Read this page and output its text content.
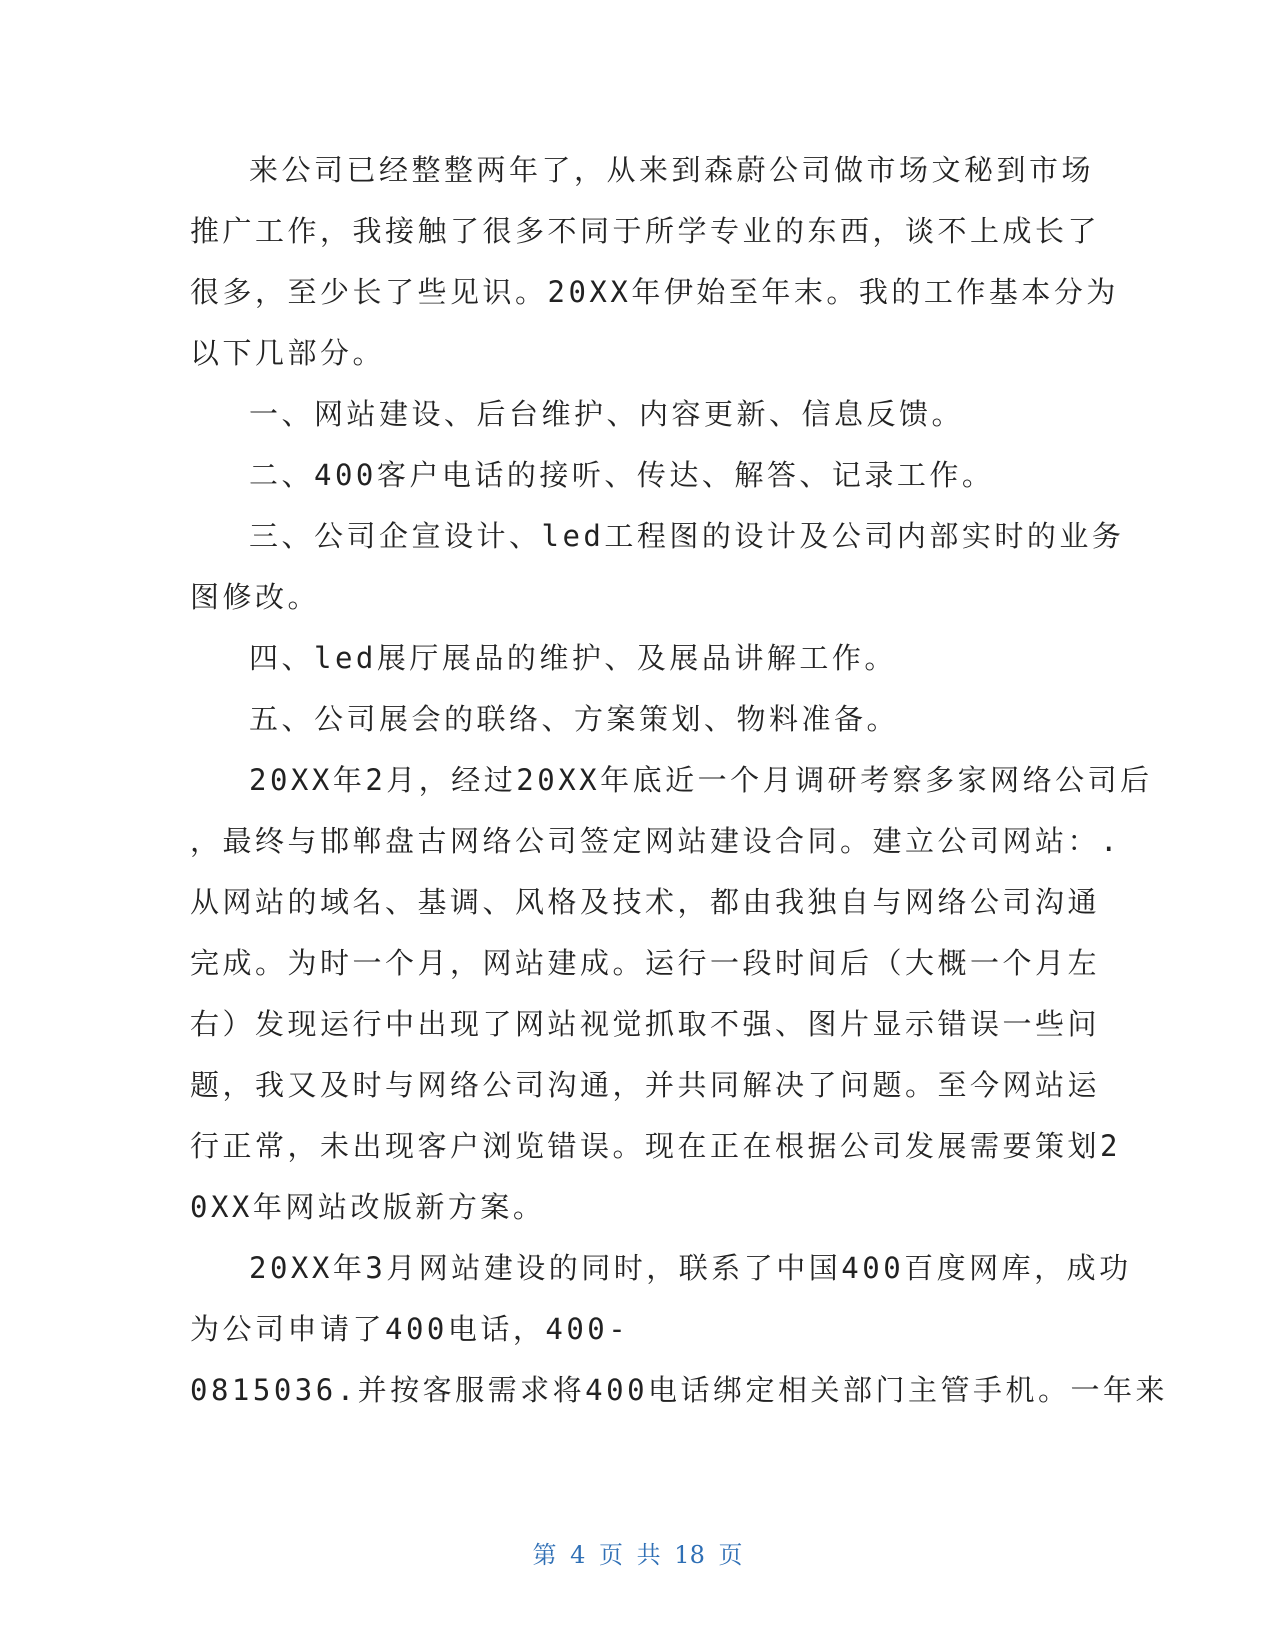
来公司已经整整两年了，从来到森蔚公司做市场文秘到市场
推广工作，我接触了很多不同于所学专业的东西，谈不上成长了
很多，至少长了些见识。20XX年伊始至年末。我的工作基本分为
以下几部分。
一、网站建设、后台维护、内容更新、信息反馈。
二、400客户电话的接听、传达、解答、记录工作。
三、公司企宣设计、led工程图的设计及公司内部实时的业务
图修改。
四、led展厅展品的维护、及展品讲解工作。
五、公司展会的联络、方案策划、物料准备。
20XX年2月，经过20XX年底近一个月调研考察多家网络公司后
，最终与邯郸盘古网络公司签定网站建设合同。建立公司网站：.
从网站的域名、基调、风格及技术，都由我独自与网络公司沟通
完成。为时一个月，网站建成。运行一段时间后（大概一个月左
右）发现运行中出现了网站视觉抓取不强、图片显示错误一些问
题，我又及时与网络公司沟通，并共同解决了问题。至今网站运
行正常，未出现客户浏览错误。现在正在根据公司发展需要策划2
0XX年网站改版新方案。
20XX年3月网站建设的同时，联系了中国400百度网库，成功
为公司申请了400电话，400-
0815036.并按客服需求将400电话绑定相关部门主管手机。一年来
第 4 页 共 18 页
